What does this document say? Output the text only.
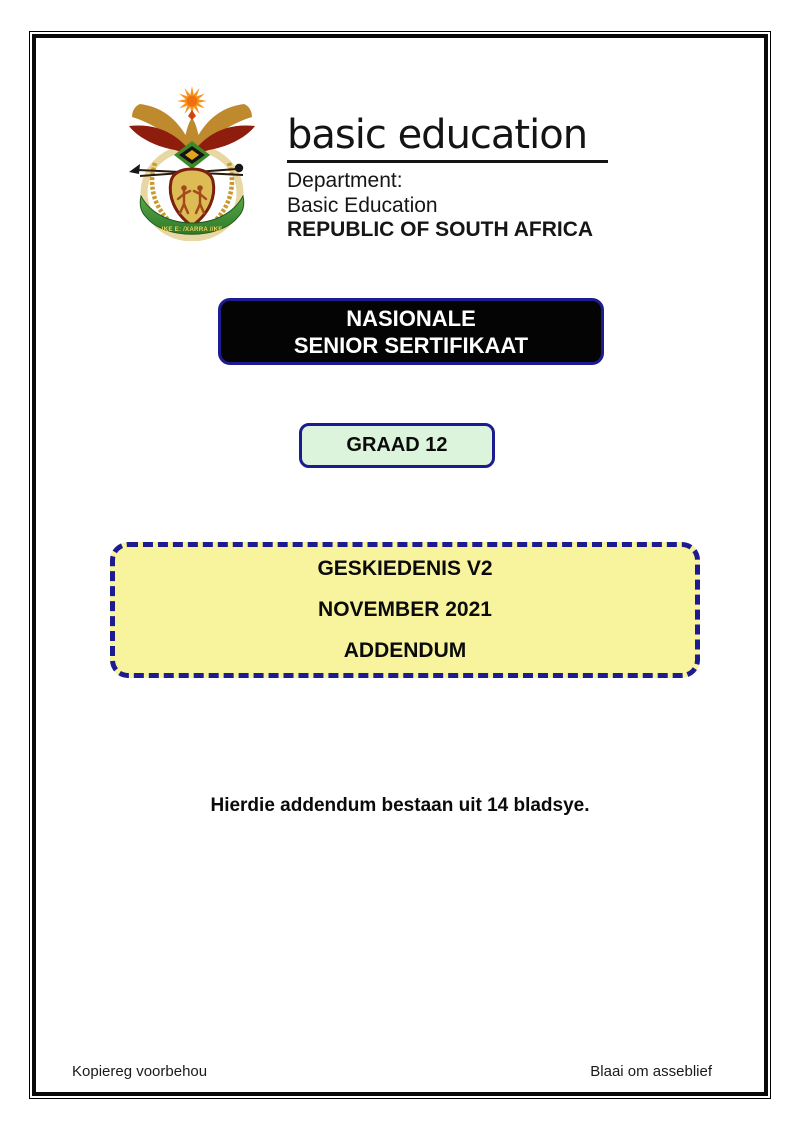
!KE E: /XARRA //KE
basic education
Department:
Basic Education
REPUBLIC OF SOUTH AFRICA
NASIONALE
SENIOR SERTIFIKAAT
GRAAD 12
GESKIEDENIS V2
NOVEMBER 2021
ADDENDUM
Hierdie addendum bestaan uit 14 bladsye.
Kopiereg voorbehou	Blaai om asseblief
